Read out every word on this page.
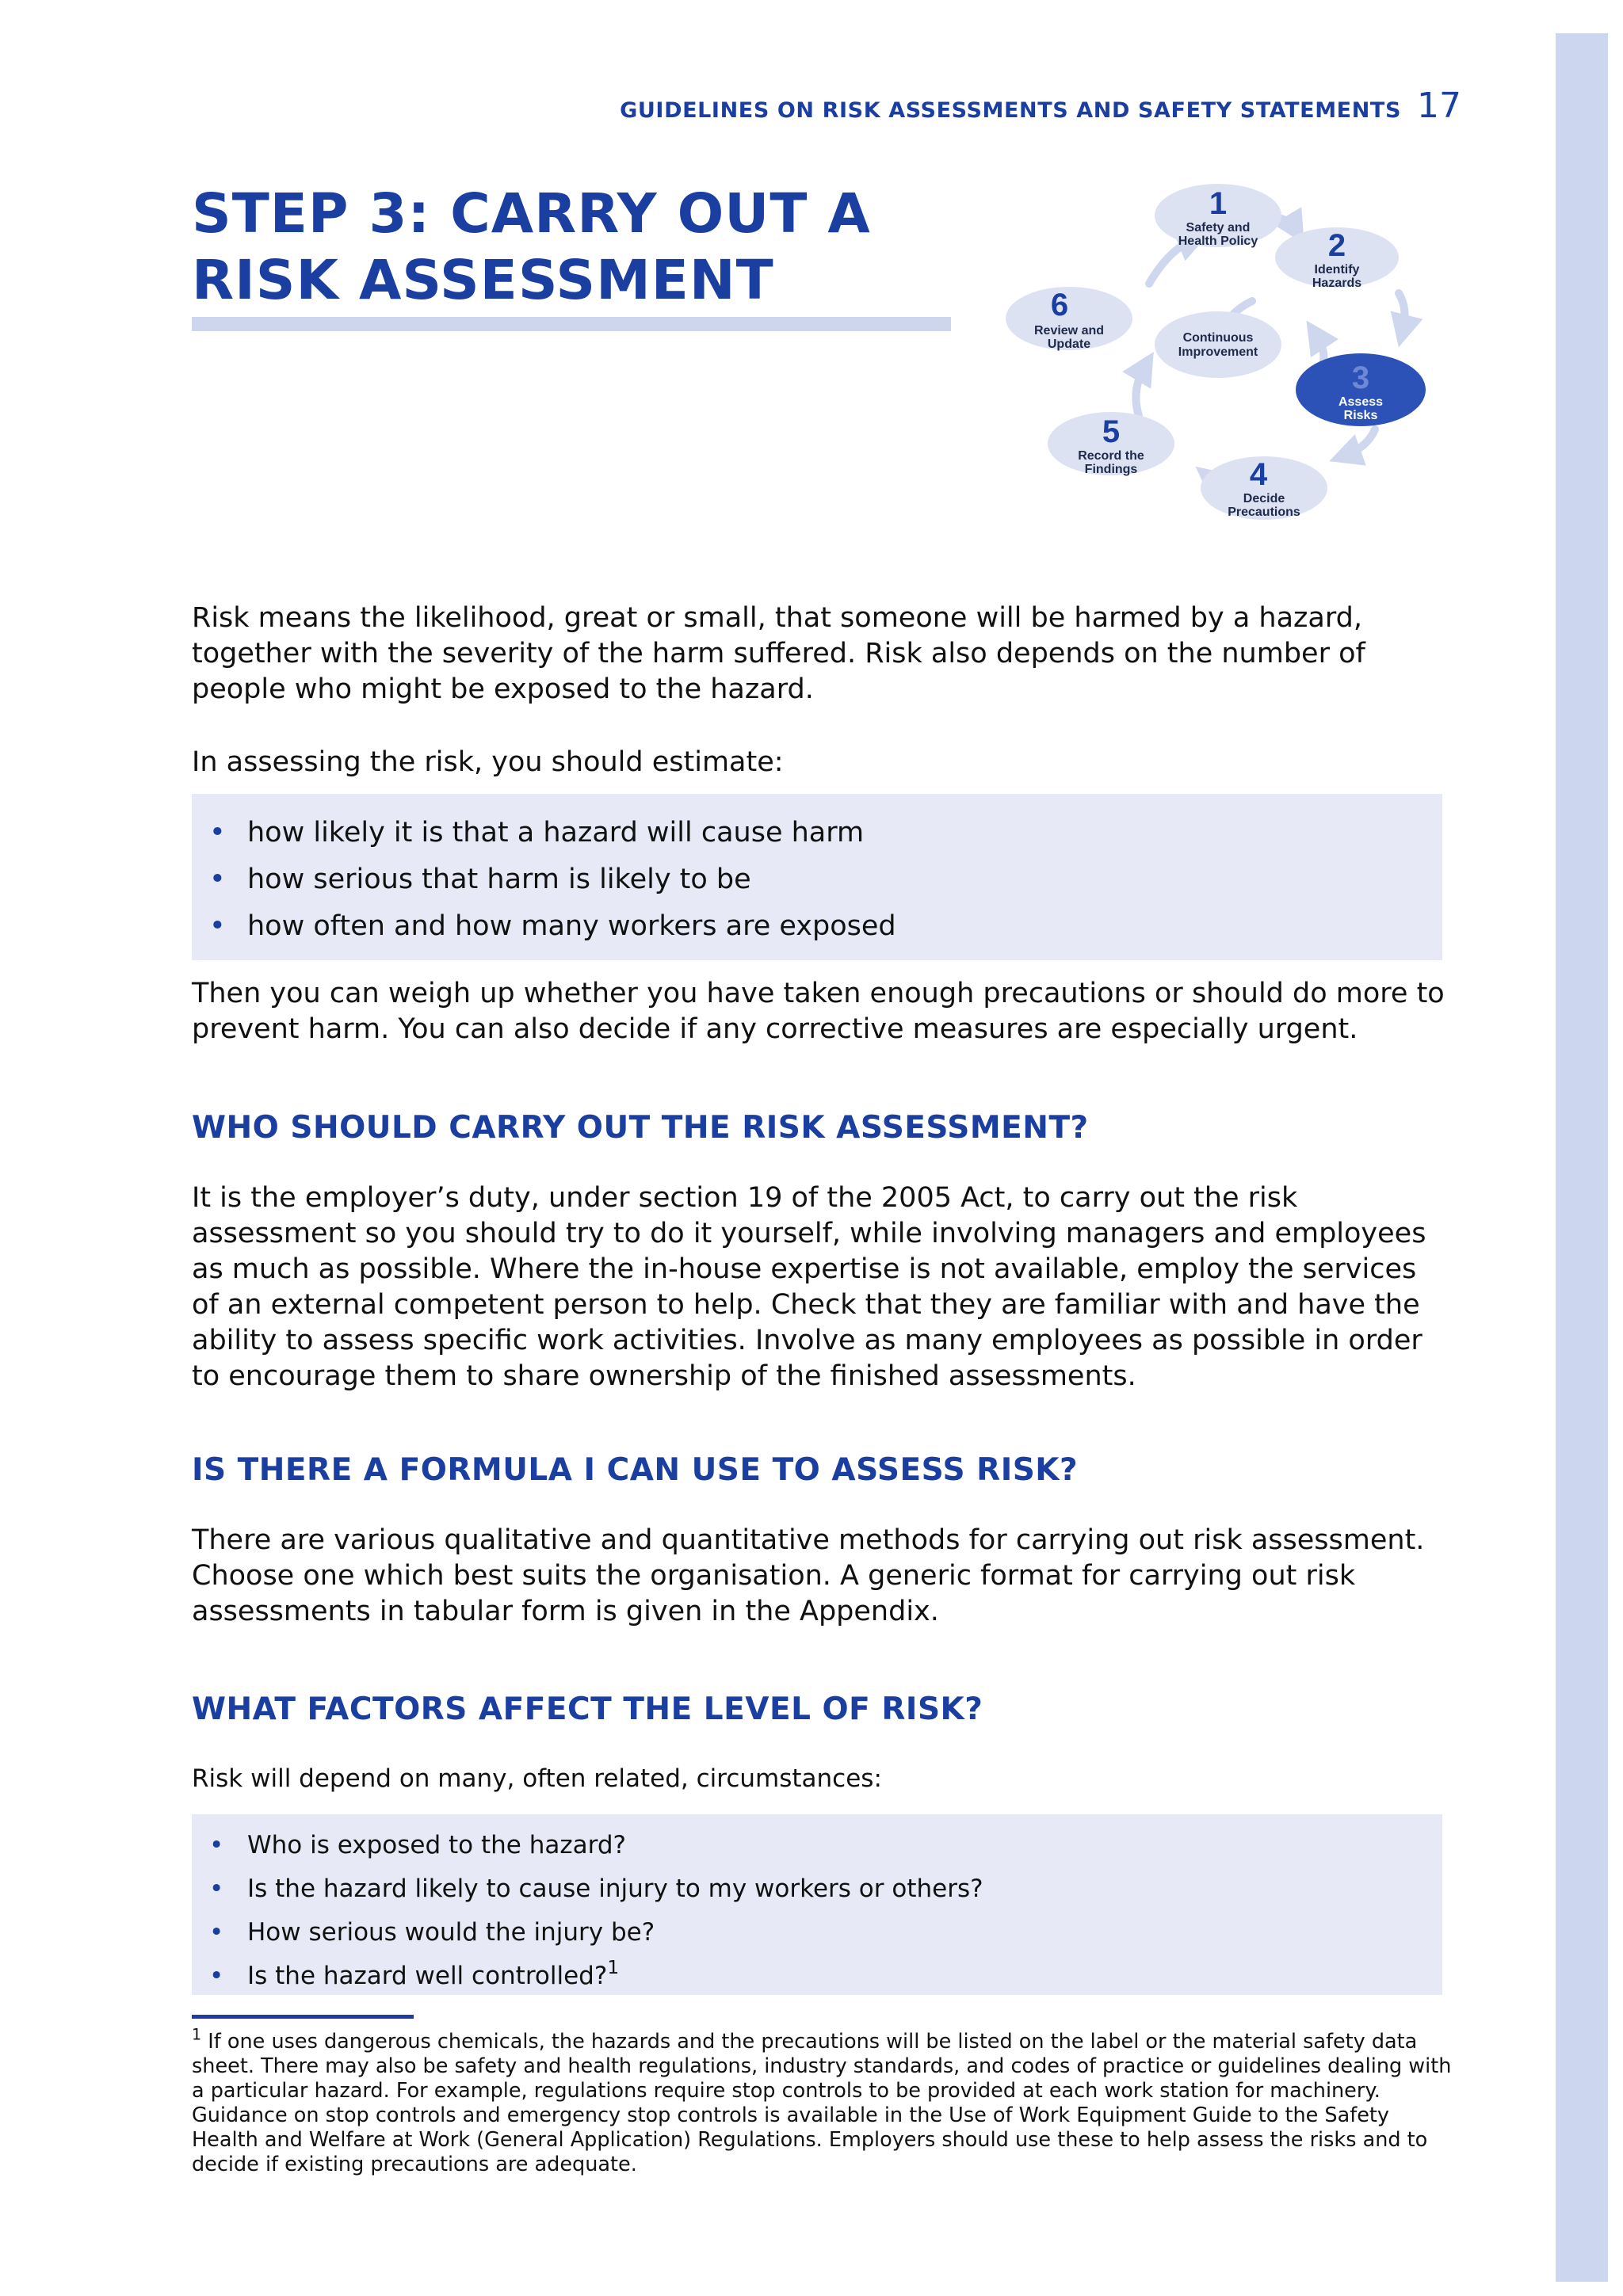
GUIDELINES ON RISK ASSESSMENTS AND SAFETY STATEMENTS 17
STEP 3: CARRY OUT A
RISK ASSESSMENT
1
Safety and
Health Policy 2
Identify
Hazards
3
Assess
Risks
4
Decide
Precautions
5
Record the
Findings
6
Review and
Update	Continuous
Improvement

Risk means the likelihood, great or small, that someone will be harmed by a hazard, together with the severity of the harm suffered. Risk also depends on the number of people who might be exposed to the hazard.

In assessing the risk, you should estimate:

• how likely it is that a hazard will cause harm
• how serious that harm is likely to be
• how often and how many workers are exposed

Then you can weigh up whether you have taken enough precautions or should do more to prevent harm. You can also decide if any corrective measures are especially urgent.

WHO SHOULD CARRY OUT THE RISK ASSESSMENT?

It is the employer’s duty, under section 19 of the 2005 Act, to carry out the risk assessment so you should try to do it yourself, while involving managers and employees as much as possible. Where the in-house expertise is not available, employ the services of an external competent person to help. Check that they are familiar with and have the ability to assess specific work activities. Involve as many employees as possible in order to encourage them to share ownership of the finished assessments.

IS THERE A FORMULA I CAN USE TO ASSESS RISK?

There are various qualitative and quantitative methods for carrying out risk assessment. Choose one which best suits the organisation. A generic format for carrying out risk assessments in tabular form is given in the Appendix.

WHAT FACTORS AFFECT THE LEVEL OF RISK?

Risk will depend on many, often related, circumstances:

• Who is exposed to the hazard?
• Is the hazard likely to cause injury to my workers or others?
• How serious would the injury be?
• Is the hazard well controlled?$^1$

$^1$ If one uses dangerous chemicals, the hazards and the precautions will be listed on the label or the material safety data sheet. There may also be safety and health regulations, industry standards, and codes of practice or guidelines dealing with a particular hazard. For example, regulations require stop controls to be provided at each work station for machinery. Guidance on stop controls and emergency stop controls is available in the Use of Work Equipment Guide to the Safety Health and Welfare at Work (General Application) Regulations. Employers should use these to help assess the risks and to decide if existing precautions are adequate.
